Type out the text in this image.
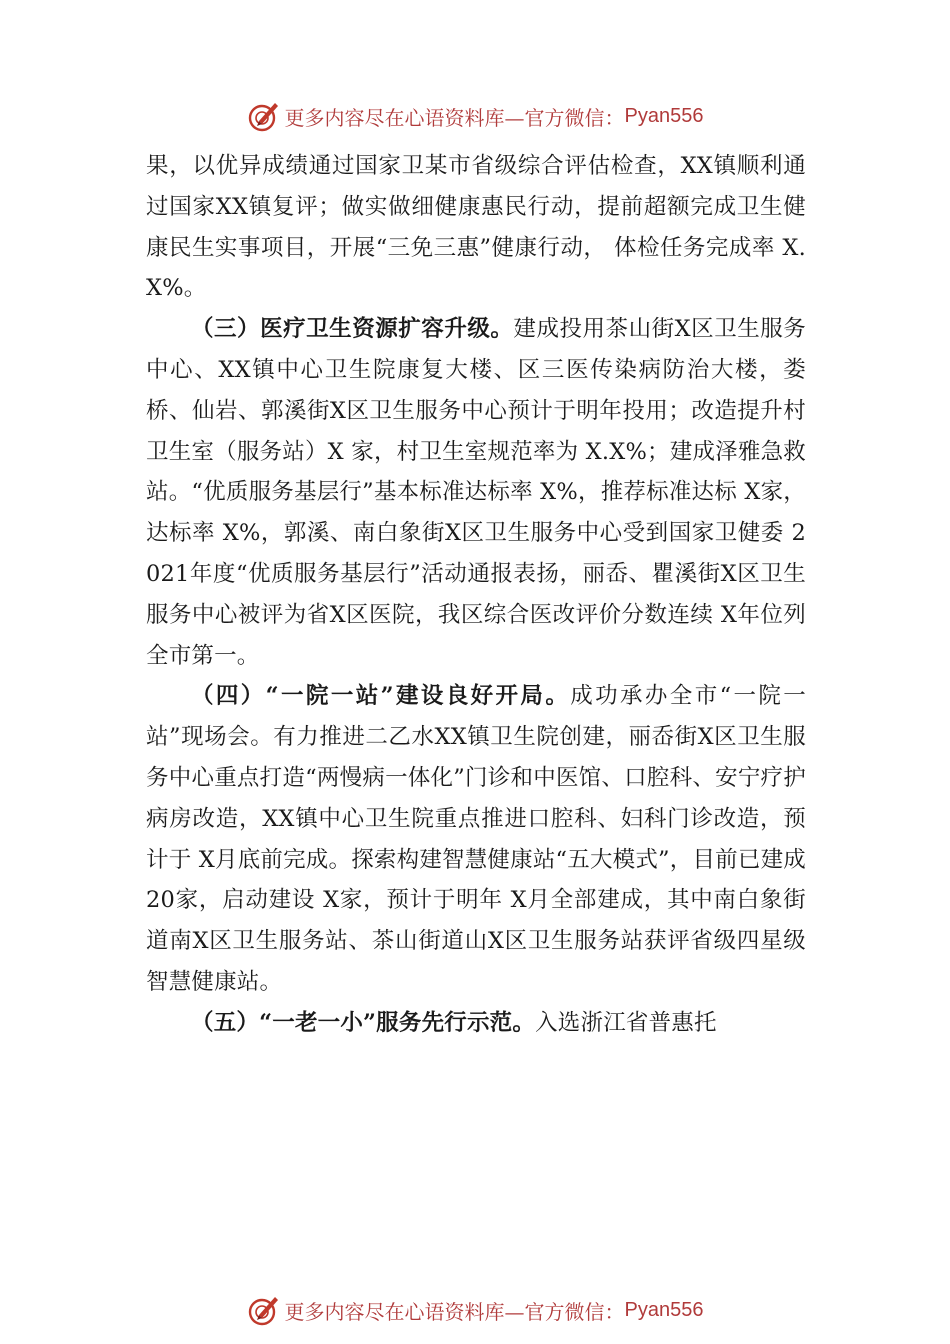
更多内容尽在心语资料库—官方微信： Pyan556

果，以优异成绩通过国家卫某市省级综合评估检查，XX镇顺利通过国家XX镇复评；做实做细健康惠民行动，提前超额完成卫生健康民生实事项目，开展“三免三惠”健康行动， 体检任务完成率 X.X%。

（三）医疗卫生资源扩容升级。建成投用茶山街X区卫生服务中心、XX镇中心卫生院康复大楼、区三医传染病防治大楼，娄桥、仙岩、郭溪街X区卫生服务中心预计于明年投用；改造提升村卫生室（服务站）X 家，村卫生室规范率为 X.X%；建成泽雅急救站。“优质服务基层行”基本标准达标率 X%，推荐标准达标 X家，达标率 X%，郭溪、南白象街X区卫生服务中心受到国家卫健委 2021年度“优质服务基层行”活动通报表扬，丽岙、瞿溪街X区卫生服务中心被评为省X区医院，我区综合医改评价分数连续 X年位列全市第一。

（四）“一院一站”建设良好开局。成功承办全市“一院一站”现场会。有力推进二乙水XX镇卫生院创建，丽岙街X区卫生服务中心重点打造“两慢病一体化”门诊和中医馆、口腔科、安宁疗护病房改造，XX镇中心卫生院重点推进口腔科、妇科门诊改造，预计于 X月底前完成。探索构建智慧健康站“五大模式”，目前已建成 20家，启动建设 X家，预计于明年 X月全部建成，其中南白象街道南X区卫生服务站、茶山街道山X区卫生服务站获评省级四星级智慧健康站。

（五）“一老一小”服务先行示范。入选浙江省普惠托

更多内容尽在心语资料库—官方微信： Pyan556
